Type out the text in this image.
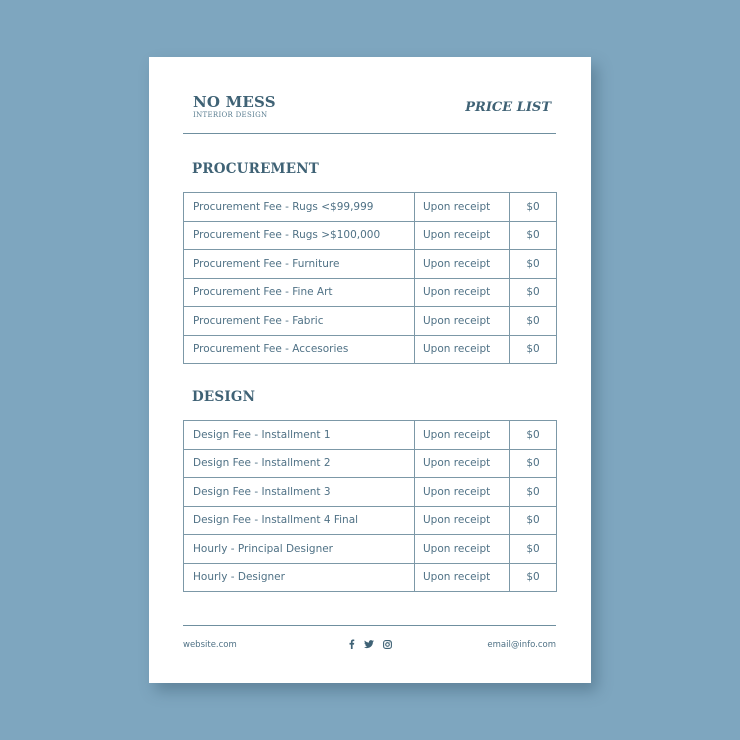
NO MESS
INTERIOR DESIGN	PRICE LIST
PROCUREMENT
Procurement Fee - Rugs <$99,999	Upon receipt	$0
Procurement Fee - Rugs >$100,000	Upon receipt	$0
Procurement Fee - Furniture	Upon receipt	$0
Procurement Fee - Fine Art	Upon receipt	$0
Procurement Fee - Fabric	Upon receipt	$0
Procurement Fee - Accesories	Upon receipt	$0
DESIGN
Design Fee - Installment 1	Upon receipt	$0
Design Fee - Installment 2	Upon receipt	$0
Design Fee - Installment 3	Upon receipt	$0
Design Fee - Installment 4 Final	Upon receipt	$0
Hourly - Principal Designer	Upon receipt	$0
Hourly - Designer	Upon receipt	$0
website.com	email@info.com
